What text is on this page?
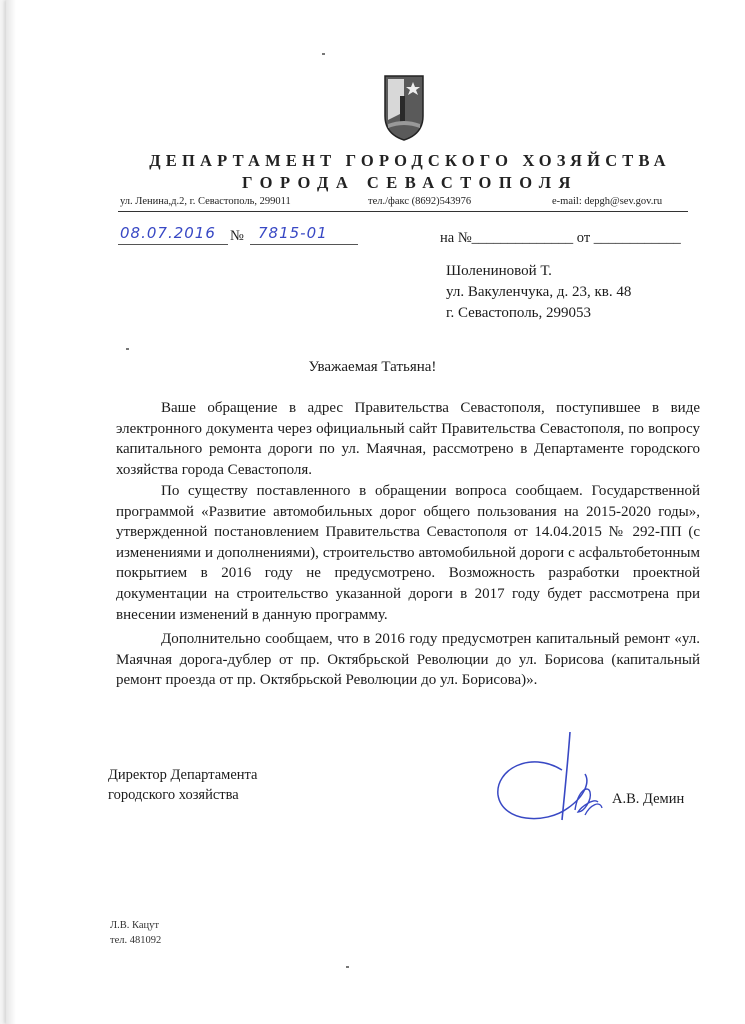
ДЕПАРТАМЕНТ ГОРОДСКОГО ХОЗЯЙСТВА
ГОРОДА СЕВАСТОПОЛЯ
ул. Ленина,д.2, г. Севастополь, 299011	тел./факс (8692)543976	e-mail: depgh@sev.gov.ru
08.07.2016 № 7815-01	на №______________ от ____________
Шолениновой Т.
ул. Вакуленчука, д. 23, кв. 48
г. Севастополь, 299053
Уважаемая Татьяна!

Ваше обращение в адрес Правительства Севастополя, поступившее в виде электронного документа через официальный сайт Правительства Севастополя, по вопросу капитального ремонта дороги по ул. Маячная, рассмотрено в Департаменте городского хозяйства города Севастополя.

По существу поставленного в обращении вопроса сообщаем. Государственной программой «Развитие автомобильных дорог общего пользования на 2015-2020 годы», утвержденной постановлением Правительства Севастополя от 14.04.2015 № 292-ПП (с изменениями и дополнениями), строительство автомобильной дороги с асфальтобетонным покрытием в 2016 году не предусмотрено. Возможность разработки проектной документации на строительство указанной дороги в 2017 году будет рассмотрена при внесении изменений в данную программу.

Дополнительно сообщаем, что в 2016 году предусмотрен капитальный ремонт «ул. Маячная дорога-дублер от пр. Октябрьской Революции до ул. Борисова (капитальный ремонт проезда от пр. Октябрьской Революции до ул. Борисова)».

Директор Департамента
городского хозяйства	А.В. Демин
Л.В. Кацут
тел. 481092
